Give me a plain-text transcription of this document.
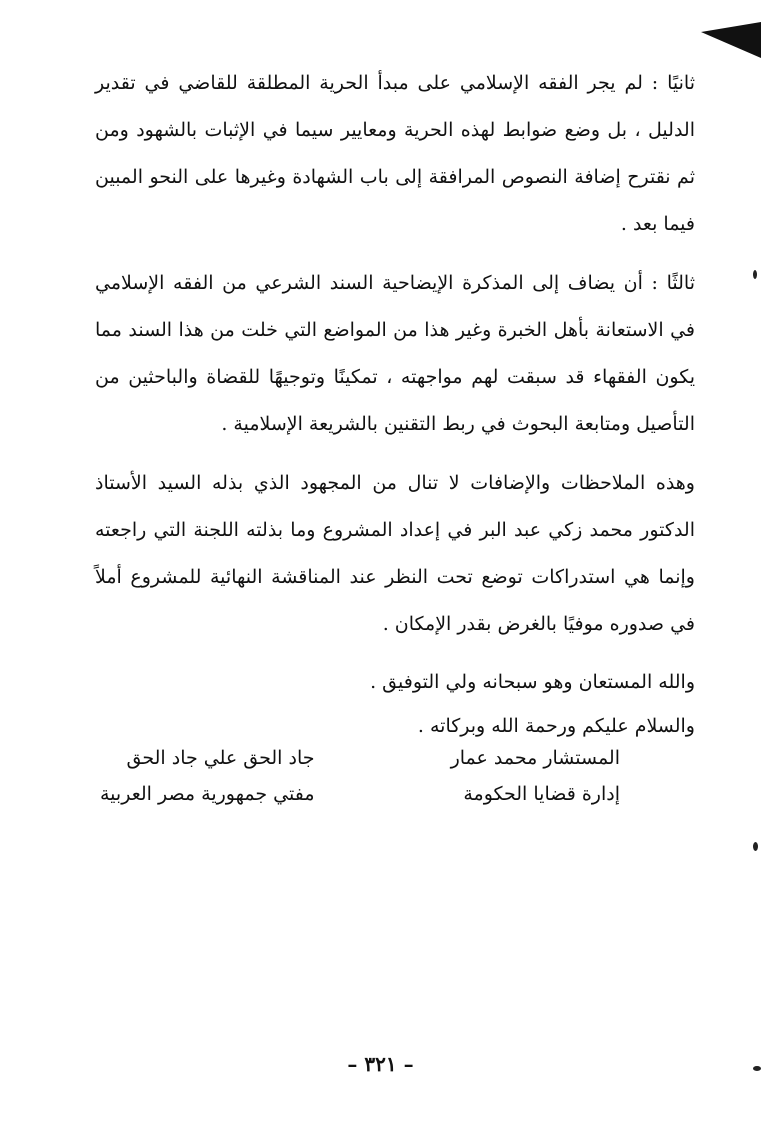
ثانيًا : لم يجر الفقه الإسلامي على مبدأ الحرية المطلقة للقاضي في تقدير الدليل ، بل وضع ضوابط لهذه الحرية ومعايير سيما في الإثبات بالشهود ومن ثم نقترح إضافة النصوص المرافقة إلى باب الشهادة وغيرها على النحو المبين فيما بعد .

ثالثًا : أن يضاف إلى المذكرة الإيضاحية السند الشرعي من الفقه الإسلامي في الاستعانة بأهل الخبرة وغير هذا من المواضع التي خلت من هذا السند مما يكون الفقهاء قد سبقت لهم مواجهته ، تمكينًا وتوجيهًا للقضاة والباحثين من التأصيل ومتابعة البحوث في ربط التقنين بالشريعة الإسلامية .

وهذه الملاحظات والإضافات لا تنال من المجهود الذي بذله السيد الأستاذ الدكتور محمد زكي عبد البر في إعداد المشروع وما بذلته اللجنة التي راجعته وإنما هي استدراكات توضع تحت النظر عند المناقشة النهائية للمشروع أملاً في صدوره موفيًا بالغرض بقدر الإمكان .

والله المستعان وهو سبحانه ولي التوفيق .

والسلام عليكم ورحمة الله وبركاته .

المستشار محمد عمار
إدارة قضايا الحكومة
جاد الحق علي جاد الحق
مفتي جمهورية مصر العربية
– ٣٢١ –
